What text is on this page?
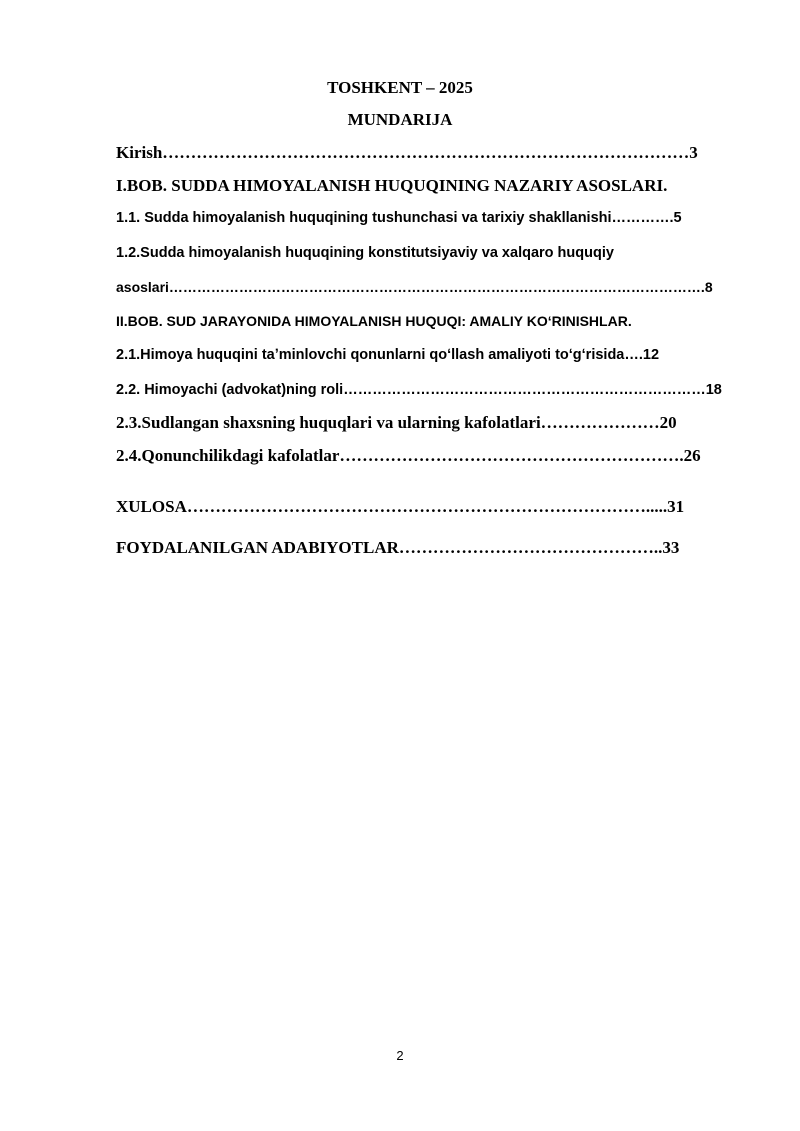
TOSHKENT – 2025
MUNDARIJA
Kirish…………………………………………………………………………………3
I.BOB. SUDDA HIMOYALANISH HUQUQINING NAZARIY ASOSLARI.
1.1. Sudda himoyalanish huquqining tushunchasi va tarixiy shakllanishi………….5
1.2.Sudda himoyalanish huquqining konstitutsiyaviy va xalqaro huquqiy
asoslari…………………………………………………………………………………………………….8
II.BOB. SUD JARAYONIDA HIMOYALANISH HUQUQI: AMALIY KOʻRINISHLAR.
2.1.Himoya huquqini taʼminlovchi qonunlarni qoʻllash amaliyoti toʻgʻrisida….12
2.2. Himoyachi (advokat)ning roli…………………………………………………………………18
2.3.Sudlangan shaxsning huquqlari va ularning kafolatlari…………………20
2.4.Qonunchilikdagi kafolatlar…………………………………………………….26
XULOSA……………………………………………………………………….....31
FOYDALANILGAN ADABIYOTLAR………………………………………..33
2
